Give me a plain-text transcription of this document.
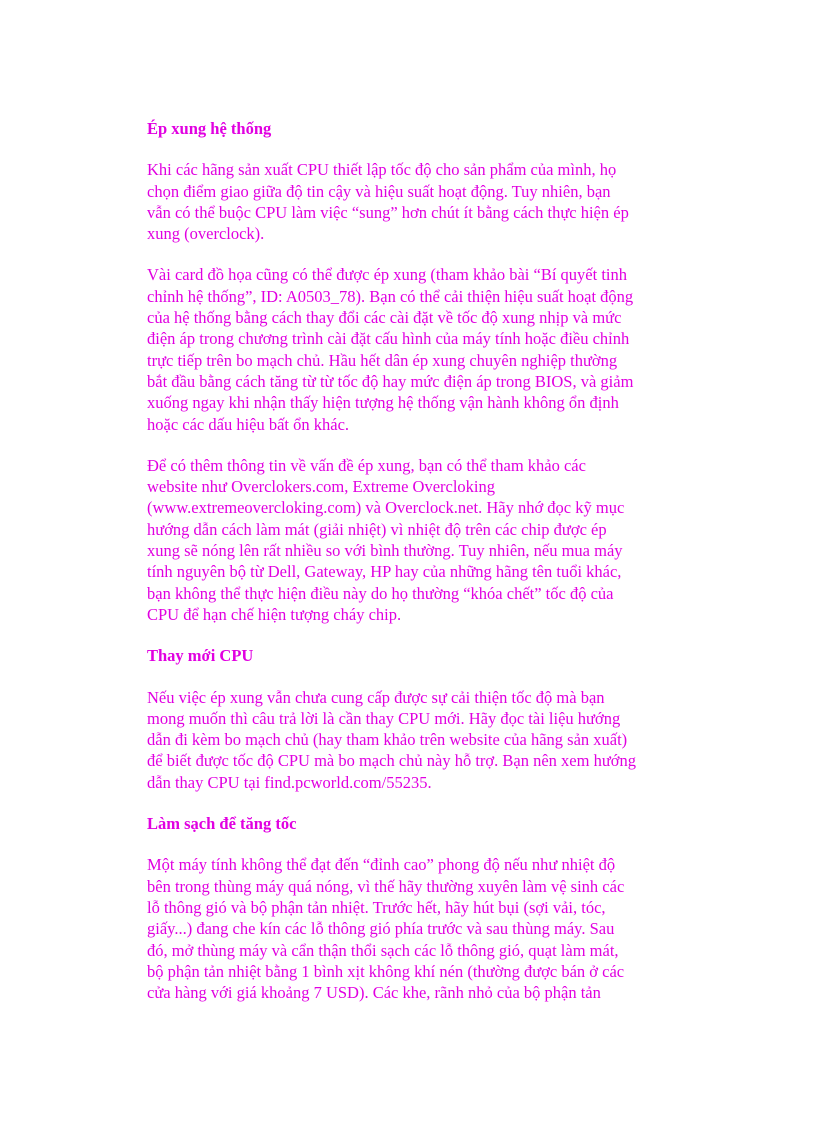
Ép xung hệ thống
Khi các hãng sản xuất CPU thiết lập tốc độ cho sản phẩm của mình, họ
chọn điểm giao giữa độ tin cậy và hiệu suất hoạt động. Tuy nhiên, bạn
vẫn có thể buộc CPU làm việc “sung” hơn chút ít bằng cách thực hiện ép
xung (overclock).
Vài card đồ họa cũng có thể được ép xung (tham khảo bài “Bí quyết tinh
chỉnh hệ thống”, ID: A0503_78). Bạn có thể cải thiện hiệu suất hoạt động
của hệ thống bằng cách thay đổi các cài đặt về tốc độ xung nhịp và mức
điện áp trong chương trình cài đặt cấu hình của máy tính hoặc điều chỉnh
trực tiếp trên bo mạch chủ. Hầu hết dân ép xung chuyên nghiệp thường
bắt đầu bằng cách tăng từ từ tốc độ hay mức điện áp trong BIOS, và giảm
xuống ngay khi nhận thấy hiện tượng hệ thống vận hành không ổn định
hoặc các dấu hiệu bất ổn khác.
Để có thêm thông tin về vấn đề ép xung, bạn có thể tham khảo các
website như Overclokers.com, Extreme Overcloking
(www.extremeovercloking.com) và Overclock.net. Hãy nhớ đọc kỹ mục
hướng dẫn cách làm mát (giải nhiệt) vì nhiệt độ trên các chip được ép
xung sẽ nóng lên rất nhiều so với bình thường. Tuy nhiên, nếu mua máy
tính nguyên bộ từ Dell, Gateway, HP hay của những hãng tên tuổi khác,
bạn không thể thực hiện điều này do họ thường “khóa chết” tốc độ của
CPU để hạn chế hiện tượng cháy chip.
Thay mới CPU
Nếu việc ép xung vẫn chưa cung cấp được sự cải thiện tốc độ mà bạn
mong muốn thì câu trả lời là cần thay CPU mới. Hãy đọc tài liệu hướng
dẫn đi kèm bo mạch chủ (hay tham khảo trên website của hãng sản xuất)
để biết được tốc độ CPU mà bo mạch chủ này hỗ trợ. Bạn nên xem hướng
dẫn thay CPU tại find.pcworld.com/55235.
Làm sạch để tăng tốc
Một máy tính không thể đạt đến “đỉnh cao” phong độ nếu như nhiệt độ
bên trong thùng máy quá nóng, vì thế hãy thường xuyên làm vệ sinh các
lỗ thông gió và bộ phận tản nhiệt. Trước hết, hãy hút bụi (sợi vải, tóc,
giấy...) đang che kín các lỗ thông gió phía trước và sau thùng máy. Sau
đó, mở thùng máy và cẩn thận thổi sạch các lỗ thông gió, quạt làm mát,
bộ phận tản nhiệt bằng 1 bình xịt không khí nén (thường được bán ở các
cửa hàng với giá khoảng 7 USD). Các khe, rãnh nhỏ của bộ phận tản
